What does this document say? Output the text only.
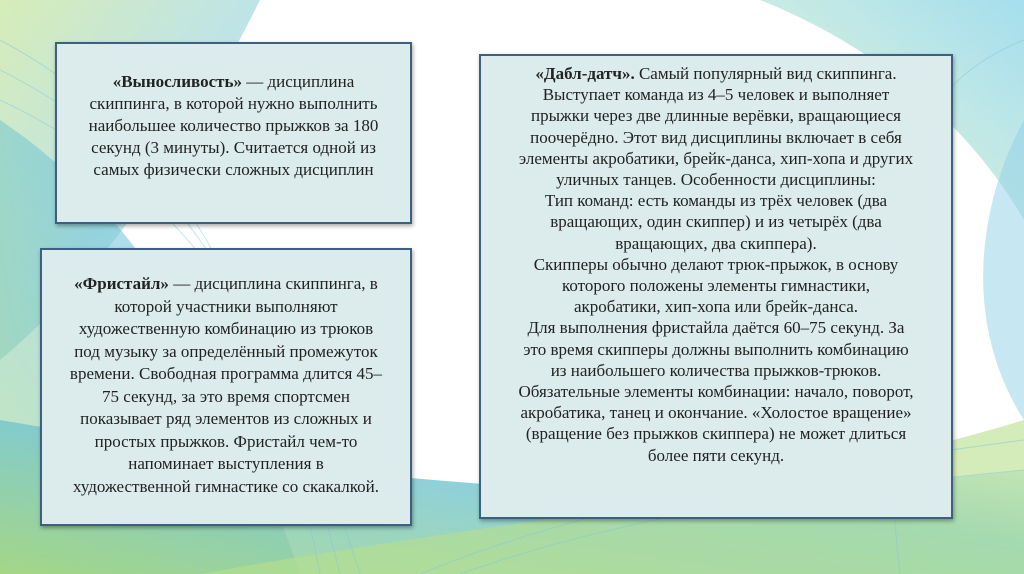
«Выносливость» — дисциплина
скиппинга, в которой нужно выполнить
наибольшее количество прыжков за 180
секунд (3 минуты). Считается одной из
самых физически сложных дисциплин
«Фристайл» — дисциплина скиппинга, в
которой участники выполняют
художественную комбинацию из трюков
под музыку за определённый промежуток
времени. Свободная программа длится 45–
75 секунд, за это время спортсмен
показывает ряд элементов из сложных и
простых прыжков. Фристайл чем-то
напоминает выступления в
художественной гимнастике со скакалкой.
«Дабл-датч». Самый популярный вид скиппинга.
Выступает команда из 4–5 человек и выполняет
прыжки через две длинные верёвки, вращающиеся
поочерёдно. Этот вид дисциплины включает в себя
элементы акробатики, брейк-данса, хип-хопа и других
уличных танцев. Особенности дисциплины:
Тип команд: есть команды из трёх человек (два
вращающих, один скиппер) и из четырёх (два
вращающих, два скиппера).
Скипперы обычно делают трюк-прыжок, в основу
которого положены элементы гимнастики,
акробатики, хип-хопа или брейк-данса.
Для выполнения фристайла даётся 60–75 секунд. За
это время скипперы должны выполнить комбинацию
из наибольшего количества прыжков-трюков.
Обязательные элементы комбинации: начало, поворот,
акробатика, танец и окончание. «Холостое вращение»
(вращение без прыжков скиппера) не может длиться
более пяти секунд.
